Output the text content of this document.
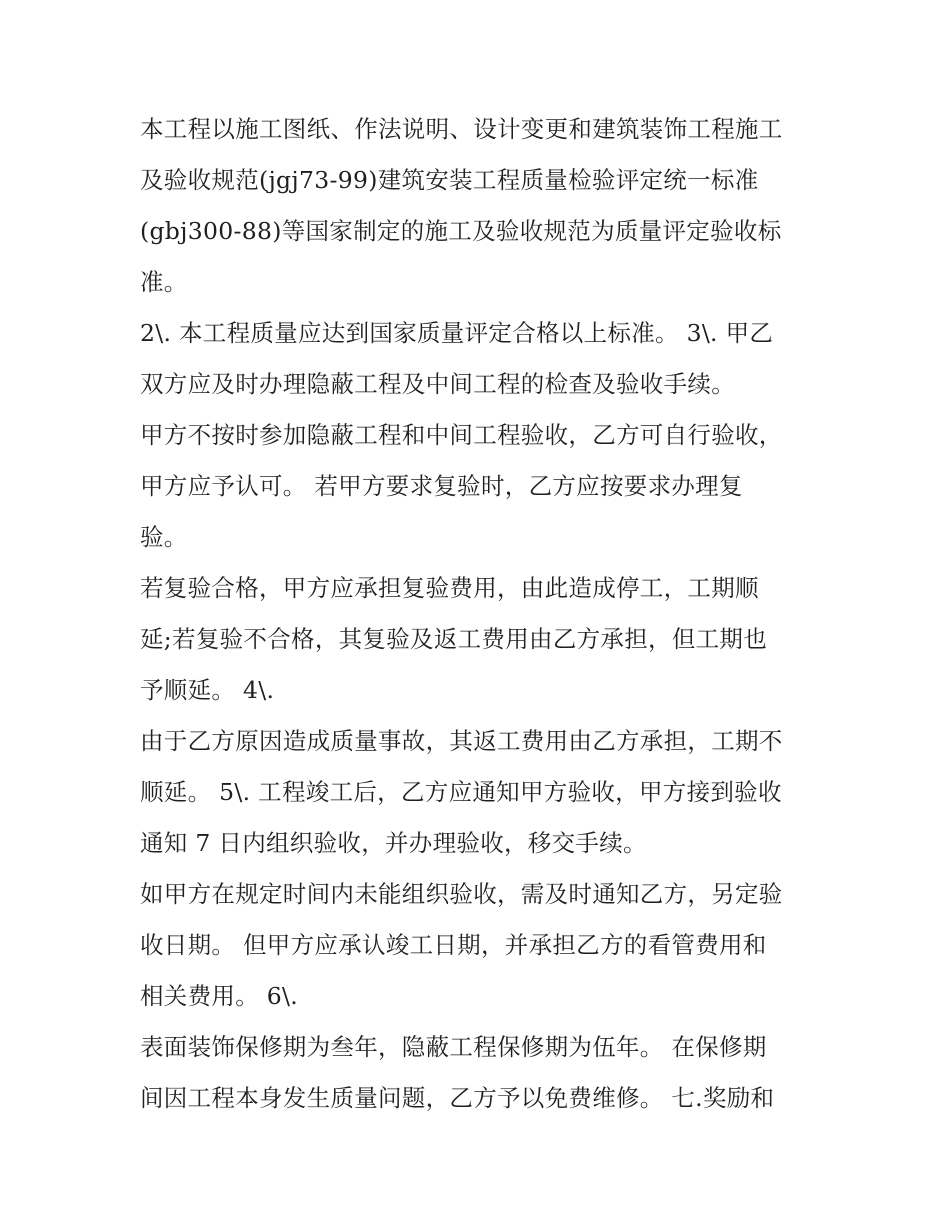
本工程以施工图纸、作法说明、设计变更和建筑装饰工程施工
及验收规范(jgj73-99)建筑安装工程质量检验评定统一标准
(gbj300-88)等国家制定的施工及验收规范为质量评定验收标
准。
2\. 本工程质量应达到国家质量评定合格以上标准。 3\. 甲乙
双方应及时办理隐蔽工程及中间工程的检查及验收手续。
甲方不按时参加隐蔽工程和中间工程验收，乙方可自行验收，
甲方应予认可。 若甲方要求复验时，乙方应按要求办理复
验。
若复验合格，甲方应承担复验费用，由此造成停工，工期顺
延;若复验不合格，其复验及返工费用由乙方承担，但工期也
予顺延。 4\.
由于乙方原因造成质量事故，其返工费用由乙方承担，工期不
顺延。 5\. 工程竣工后，乙方应通知甲方验收，甲方接到验收
通知 7 日内组织验收，并办理验收，移交手续。
如甲方在规定时间内未能组织验收，需及时通知乙方，另定验
收日期。 但甲方应承认竣工日期，并承担乙方的看管费用和
相关费用。 6\.
表面装饰保修期为叁年，隐蔽工程保修期为伍年。 在保修期
间因工程本身发生质量问题，乙方予以免费维修。 七.奖励和
